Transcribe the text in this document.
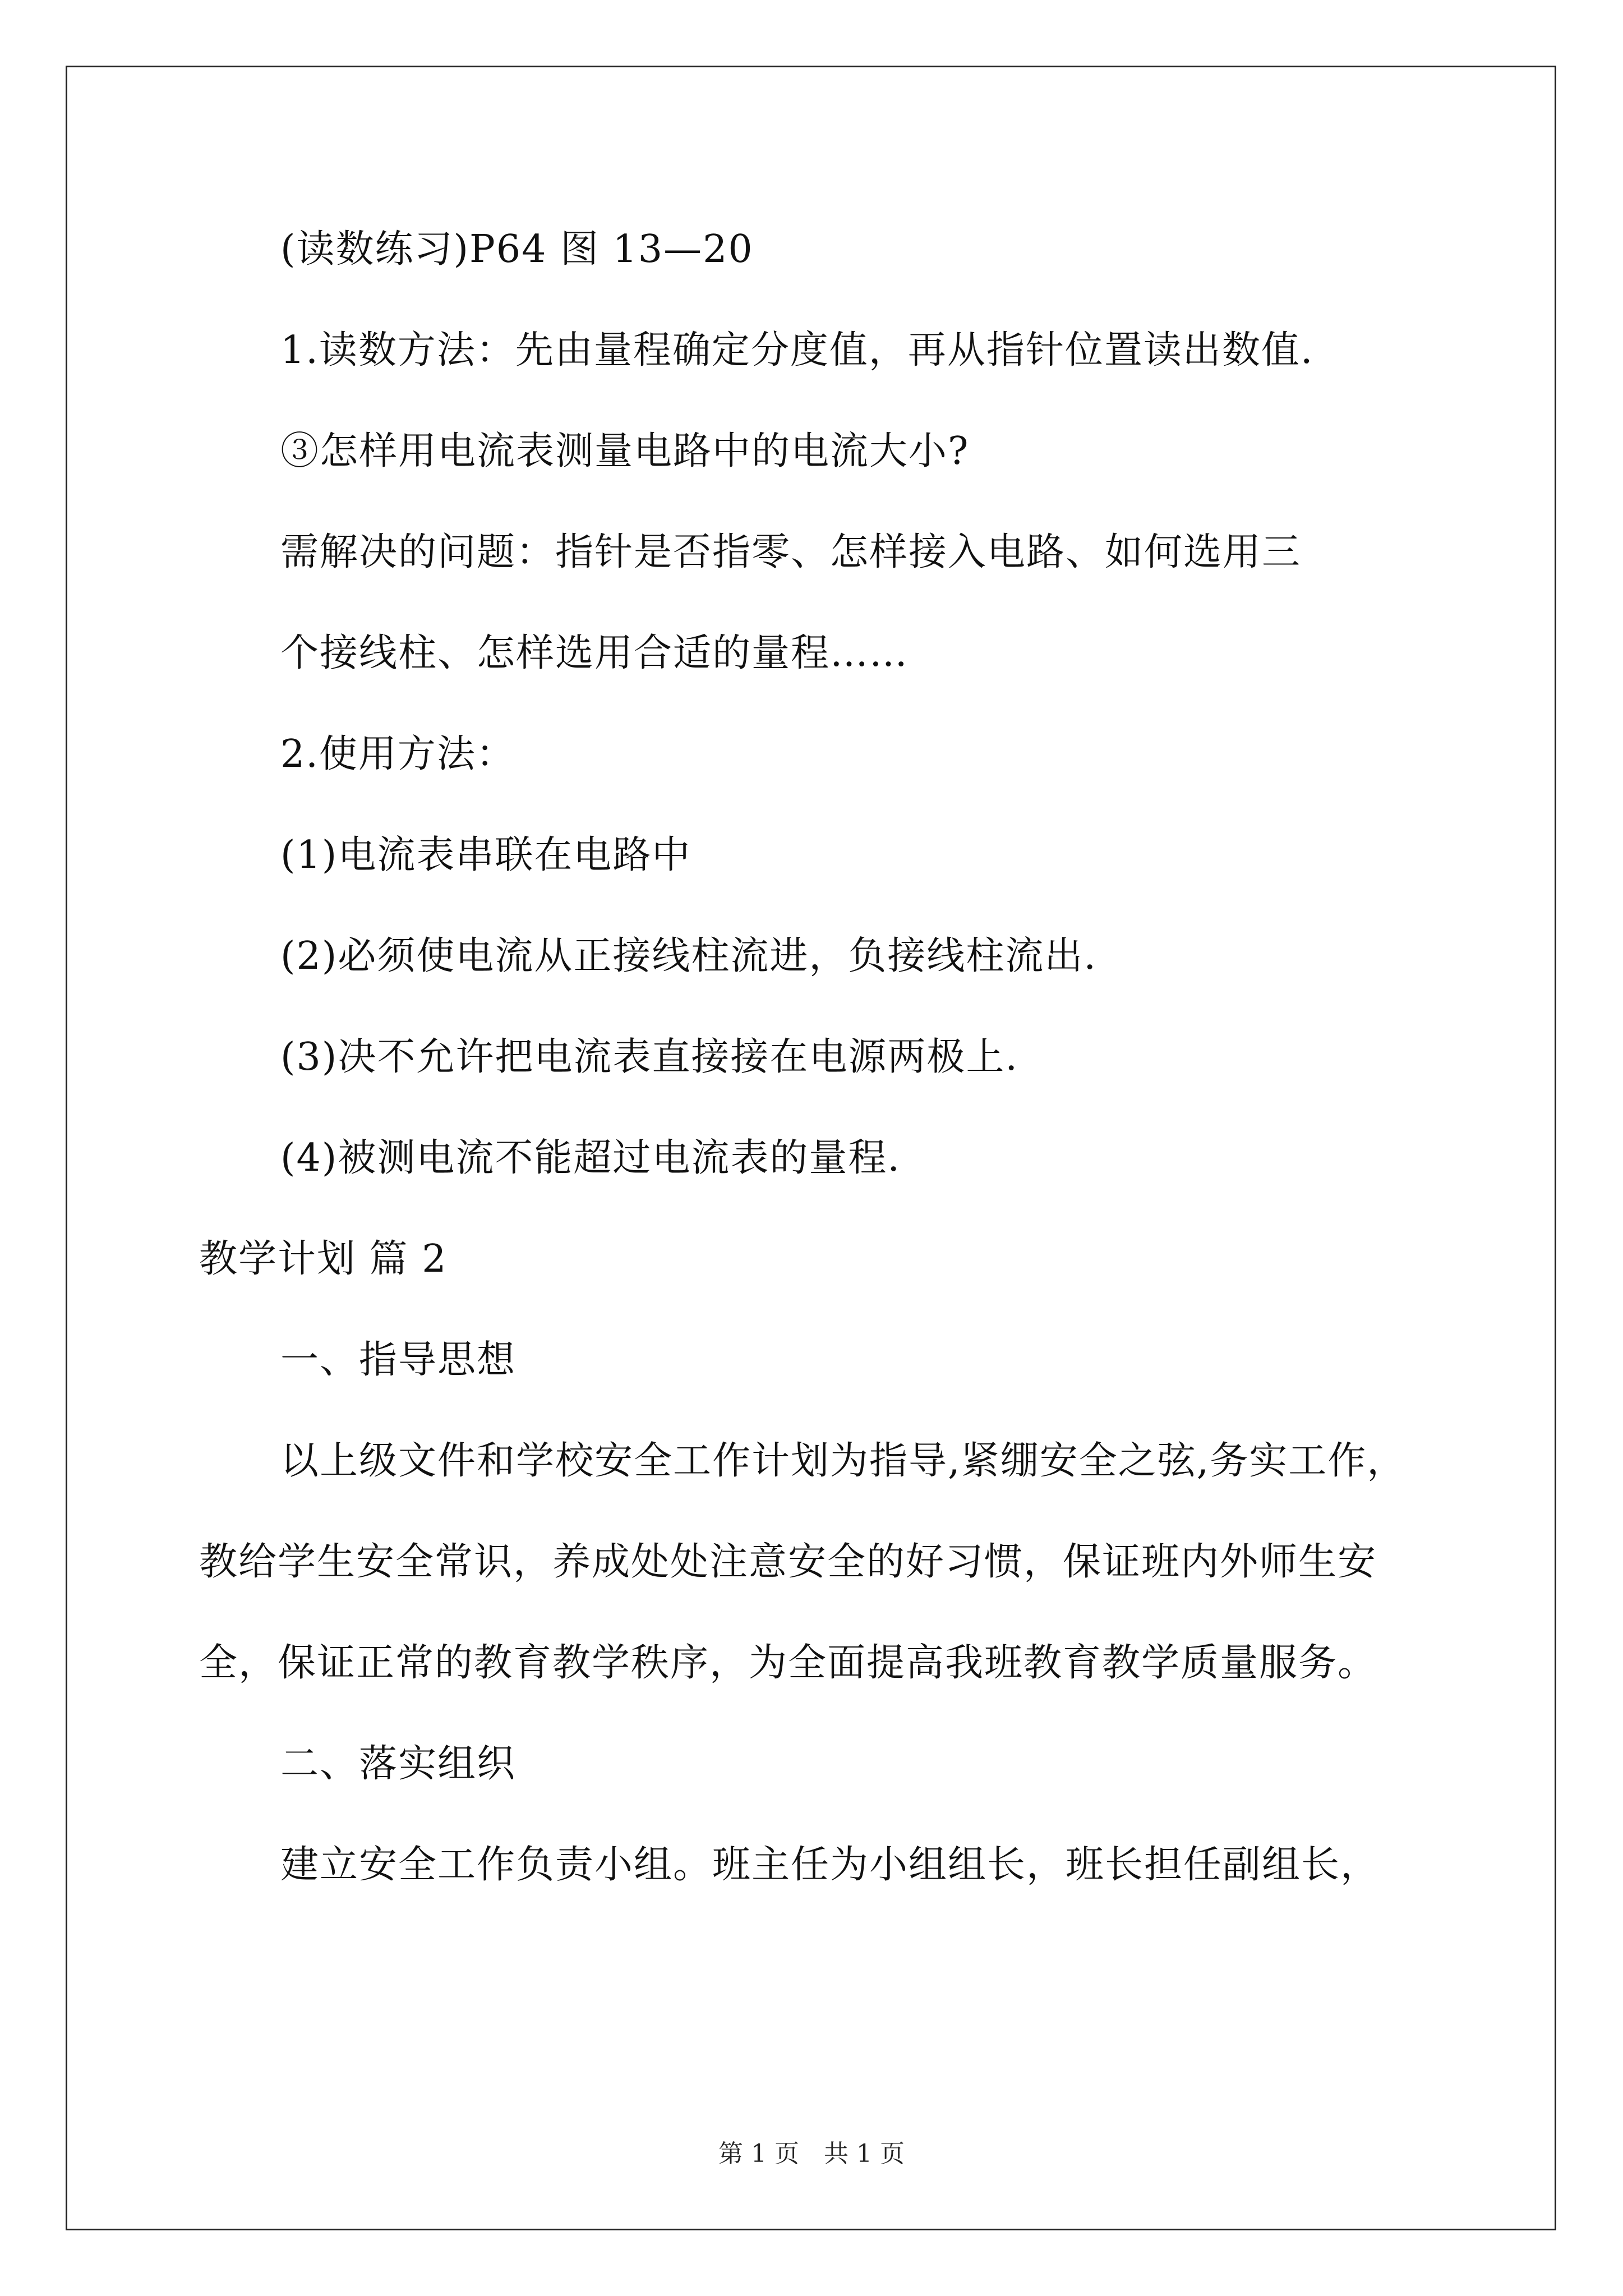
(读数练习)P64 图 13—20
1.读数方法：先由量程确定分度值，再从指针位置读出数值.
③怎样用电流表测量电路中的电流大小?
需解决的问题：指针是否指零、怎样接入电路、如何选用三
个接线柱、怎样选用合适的量程……
2.使用方法：
(1)电流表串联在电路中
(2)必须使电流从正接线柱流进，负接线柱流出.
(3)决不允许把电流表直接接在电源两极上.
(4)被测电流不能超过电流表的量程.
教学计划 篇 2
一、指导思想
以上级文件和学校安全工作计划为指导,紧绷安全之弦,务实工作，
教给学生安全常识，养成处处注意安全的好习惯，保证班内外师生安
全，保证正常的教育教学秩序，为全面提高我班教育教学质量服务。
二、落实组织
建立安全工作负责小组。班主任为小组组长，班长担任副组长，
第 1 页　共 1 页
